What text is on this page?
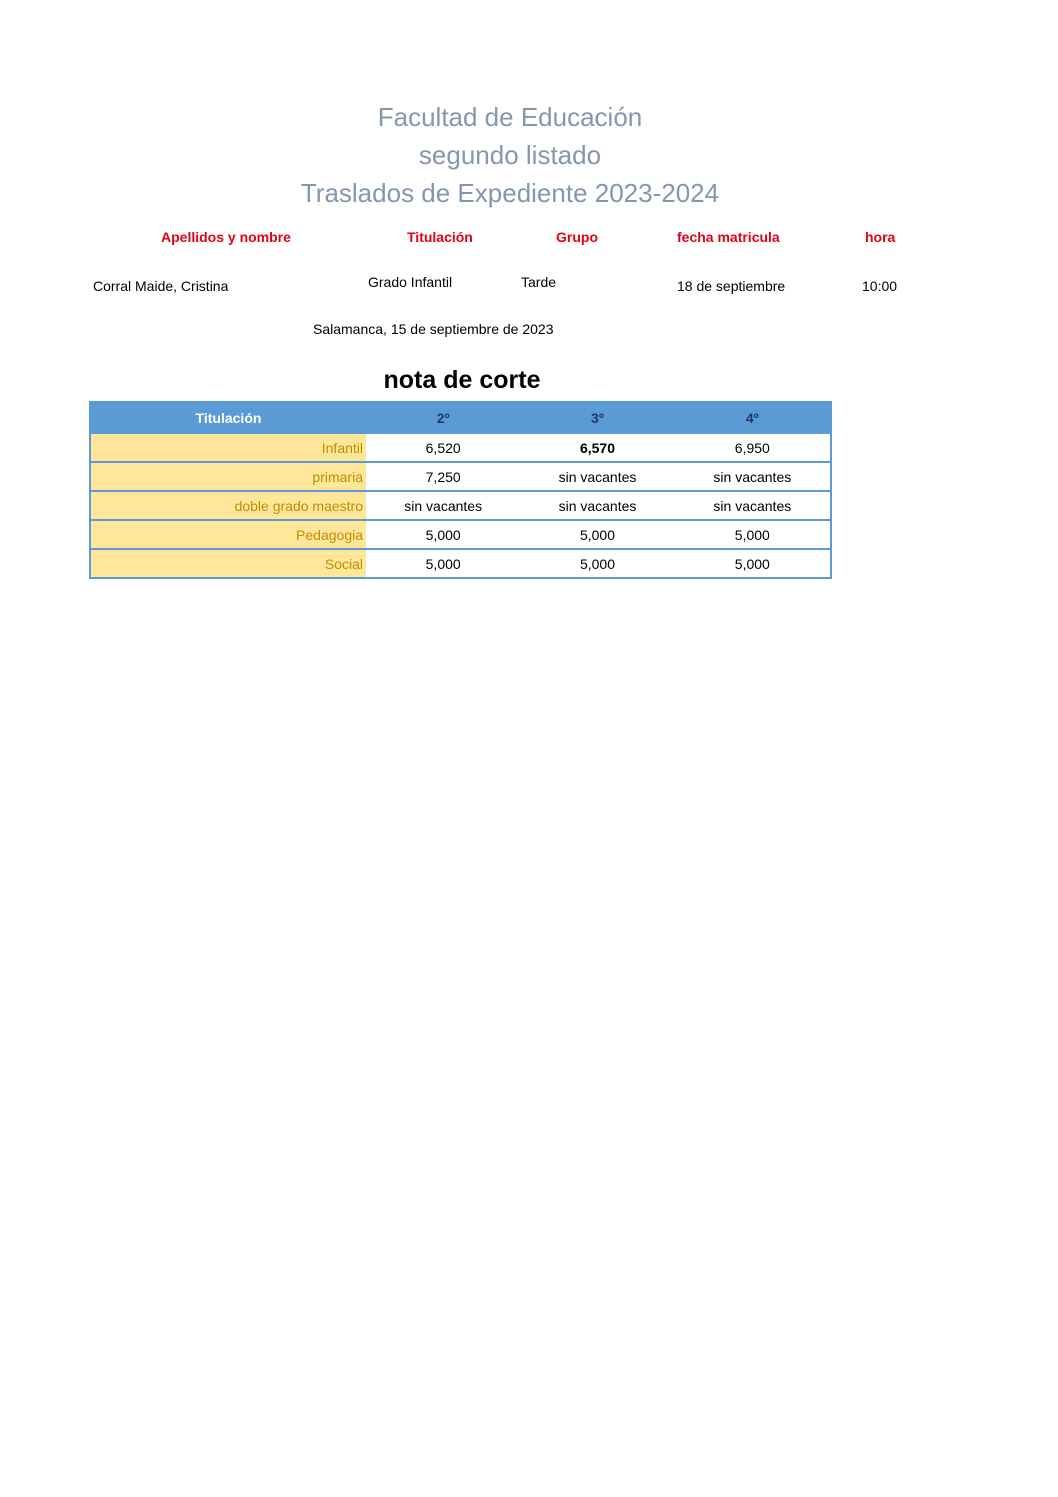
Facultad de Educación
segundo listado
Traslados de Expediente 2023-2024
Apellidos y nombre	Titulación	Grupo	fecha matricula	hora
Corral Maide, Cristina	Grado Infantil	Tarde	18 de septiembre	10:00
Salamanca, 15 de septiembre de 2023
nota de corte
Titulación	2º	3º	4º
Infantil	6,520	6,570	6,950
primaria	7,250	sin vacantes	sin vacantes
doble grado maestro	sin vacantes	sin vacantes	sin vacantes
Pedagogia	5,000	5,000	5,000
Social	5,000	5,000	5,000
